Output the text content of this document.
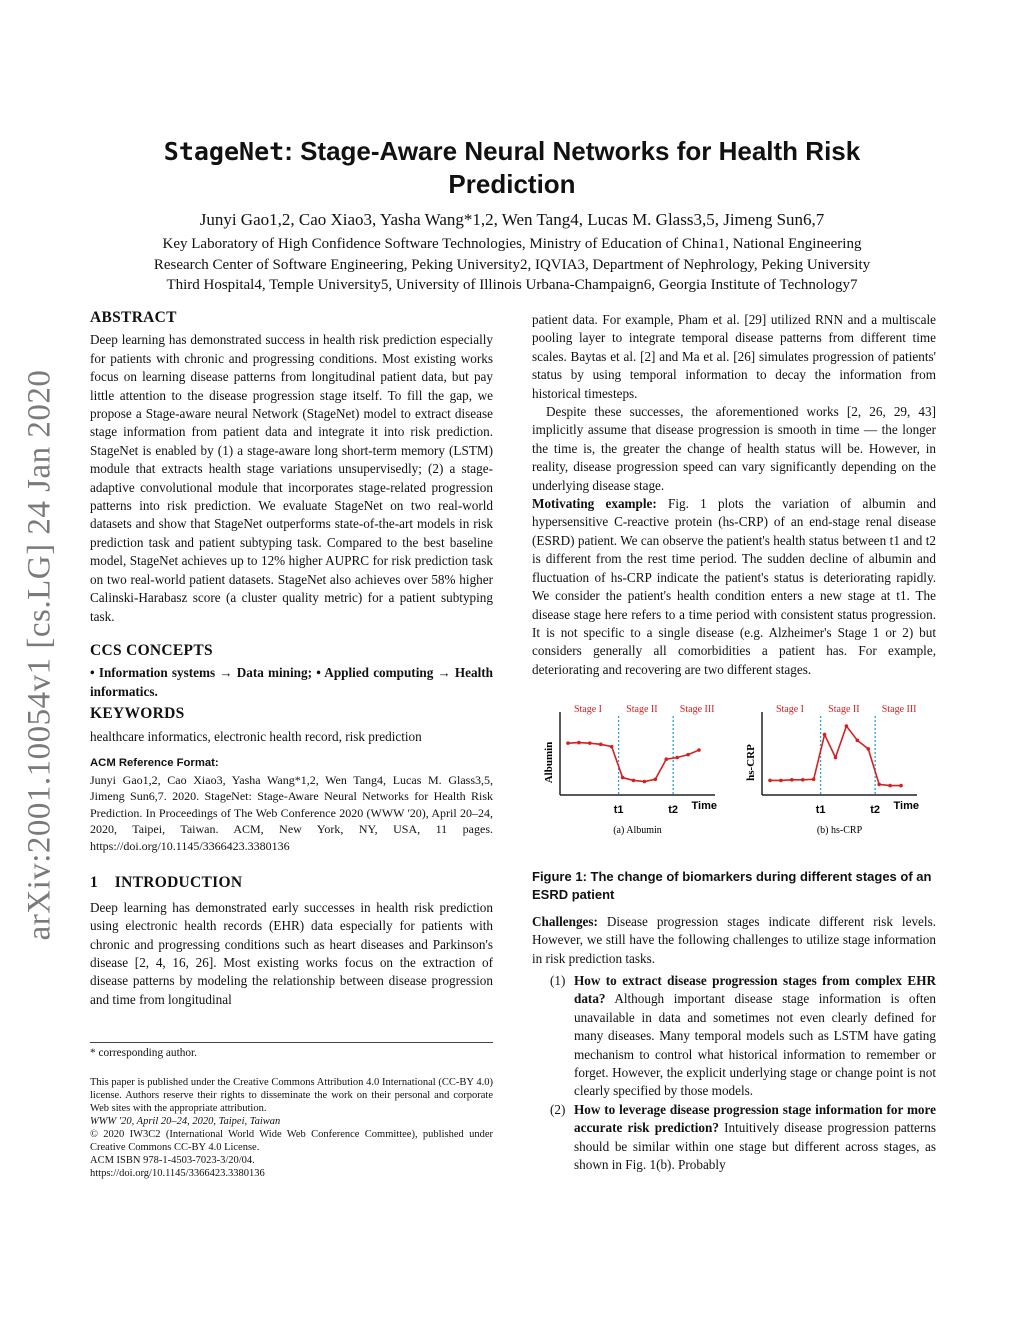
arXiv:2001.10054v1 [cs.LG] 24 Jan 2020
StageNet: Stage-Aware Neural Networks for Health Risk
Prediction
Junyi Gao1,2, Cao Xiao3, Yasha Wang*1,2, Wen Tang4, Lucas M. Glass3,5, Jimeng Sun6,7
Key Laboratory of High Confidence Software Technologies, Ministry of Education of China1, National Engineering
Research Center of Software Engineering, Peking University2, IQVIA3, Department of Nephrology, Peking University
Third Hospital4, Temple University5, University of Illinois Urbana-Champaign6, Georgia Institute of Technology7
ABSTRACT

Deep learning has demonstrated success in health risk prediction especially for patients with chronic and progressing conditions. Most existing works focus on learning disease patterns from longitudinal patient data, but pay little attention to the disease progression stage itself. To fill the gap, we propose a Stage-aware neural Network (StageNet) model to extract disease stage information from patient data and integrate it into risk prediction. StageNet is enabled by (1) a stage-aware long short-term memory (LSTM) module that extracts health stage variations unsupervisedly; (2) a stage-adaptive convolutional module that incorporates stage-related progression patterns into risk prediction. We evaluate StageNet on two real-world datasets and show that StageNet outperforms state-of-the-art models in risk prediction task and patient subtyping task. Compared to the best baseline model, StageNet achieves up to 12% higher AUPRC for risk prediction task on two real-world patient datasets. StageNet also achieves over 58% higher Calinski-Harabasz score (a cluster quality metric) for a patient subtyping task.

CCS CONCEPTS

• Information systems → Data mining; • Applied computing → Health informatics.

KEYWORDS

healthcare informatics, electronic health record, risk prediction

ACM Reference Format:

Junyi Gao1,2, Cao Xiao3, Yasha Wang*1,2, Wen Tang4, Lucas M. Glass3,5, Jimeng Sun6,7. 2020. StageNet: Stage-Aware Neural Networks for Health Risk Prediction. In Proceedings of The Web Conference 2020 (WWW '20), April 20–24, 2020, Taipei, Taiwan. ACM, New York, NY, USA, 11 pages. https://doi.org/10.1145/3366423.3380136

1    INTRODUCTION

Deep learning has demonstrated early successes in health risk prediction using electronic health records (EHR) data especially for patients with chronic and progressing conditions such as heart diseases and Parkinson's disease [2, 4, 16, 26]. Most existing works focus on the extraction of disease patterns by modeling the relationship between disease progression and time from longitudinal

* corresponding author.

This paper is published under the Creative Commons Attribution 4.0 International (CC-BY 4.0) license. Authors reserve their rights to disseminate the work on their personal and corporate Web sites with the appropriate attribution.

WWW '20, April 20–24, 2020, Taipei, Taiwan

© 2020 IW3C2 (International World Wide Web Conference Committee), published under Creative Commons CC-BY 4.0 License.

ACM ISBN 978-1-4503-7023-3/20/04.

https://doi.org/10.1145/3366423.3380136

patient data. For example, Pham et al. [29] utilized RNN and a multiscale pooling layer to integrate temporal disease patterns from different time scales. Baytas et al. [2] and Ma et al. [26] simulates progression of patients' status by using temporal information to decay the information from historical timesteps.

Despite these successes, the aforementioned works [2, 26, 29, 43] implicitly assume that disease progression is smooth in time — the longer the time is, the greater the change of health status will be. However, in reality, disease progression speed can vary significantly depending on the underlying disease stage.

Motivating example: Fig. 1 plots the variation of albumin and hypersensitive C-reactive protein (hs-CRP) of an end-stage renal disease (ESRD) patient. We can observe the patient's health status between t1 and t2 is different from the rest time period. The sudden decline of albumin and fluctuation of hs-CRP indicate the patient's status is deteriorating rapidly. We consider the patient's health condition enters a new stage at t1. The disease stage here refers to a time period with consistent status progression. It is not specific to a single disease (e.g. Alzheimer's Stage 1 or 2) but considers generally all comorbidities a patient has. For example, deteriorating and recovering are two different stages.

Albumin
Time
t1	t2
Stage I Stage II Stage III
(a) Albumin
hs-CRP
Time
t1	t2
Stage I Stage II Stage III
(b) hs-CRP

Figure 1: The change of biomarkers during different stages of an ESRD patient

Challenges: Disease progression stages indicate different risk levels. However, we still have the following challenges to utilize stage information in risk prediction tasks.

(1) How to extract disease progression stages from complex EHR data? Although important disease stage information is often unavailable in data and sometimes not even clearly defined for many diseases. Many temporal models such as LSTM have gating mechanism to control what historical information to remember or forget. However, the explicit underlying stage or change point is not clearly specified by those models.
(2) How to leverage disease progression stage information for more accurate risk prediction? Intuitively disease progression patterns should be similar within one stage but different across stages, as shown in Fig. 1(b). Probably
